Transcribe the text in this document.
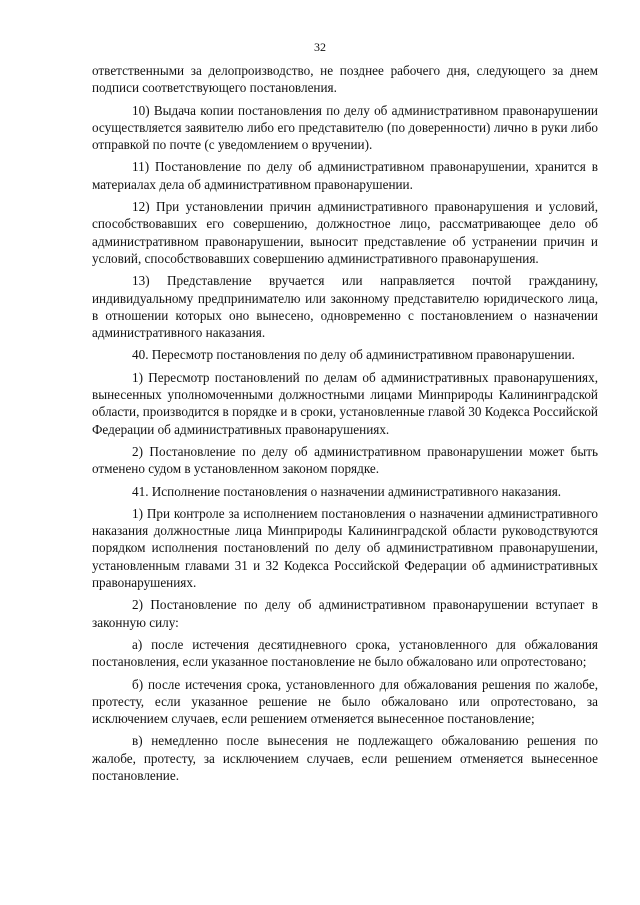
32

ответственными за делопроизводство, не позднее рабочего дня, следующего за днем подписи соответствующего постановления.

10) Выдача копии постановления по делу об административном правонарушении осуществляется заявителю либо его представителю (по доверенности) лично в руки либо отправкой по почте (с уведомлением о вручении).

11) Постановление по делу об административном правонарушении, хранится в материалах дела об административном правонарушении.

12) При установлении причин административного правонарушения и условий, способствовавших его совершению, должностное лицо, рассматривающее дело об административном правонарушении, выносит представление об устранении причин и условий, способствовавших совершению административного правонарушения.

13) Представление вручается или направляется почтой гражданину, индивидуальному предпринимателю или законному представителю юридического лица, в отношении которых оно вынесено, одновременно с постановлением о назначении административного наказания.

40. Пересмотр постановления по делу об административном правонарушении.

1) Пересмотр постановлений по делам об административных правонарушениях, вынесенных уполномоченными должностными лицами Минприроды Калининградской области, производится в порядке и в сроки, установленные главой 30 Кодекса Российской Федерации об административных правонарушениях.

2) Постановление по делу об административном правонарушении может быть отменено судом в установленном законом порядке.

41. Исполнение постановления о назначении административного наказания.

1) При контроле за исполнением постановления о назначении административного наказания должностные лица Минприроды Калининградской области руководствуются порядком исполнения постановлений по делу об административном правонарушении, установленным главами 31 и 32 Кодекса Российской Федерации об административных правонарушениях.

2) Постановление по делу об административном правонарушении вступает в законную силу:

а) после истечения десятидневного срока, установленного для обжалования постановления, если указанное постановление не было обжаловано или опротестовано;

б) после истечения срока, установленного для обжалования решения по жалобе, протесту, если указанное решение не было обжаловано или опротестовано, за исключением случаев, если решением отменяется вынесенное постановление;

в) немедленно после вынесения не подлежащего обжалованию решения по жалобе, протесту, за исключением случаев, если решением отменяется вынесенное постановление.
